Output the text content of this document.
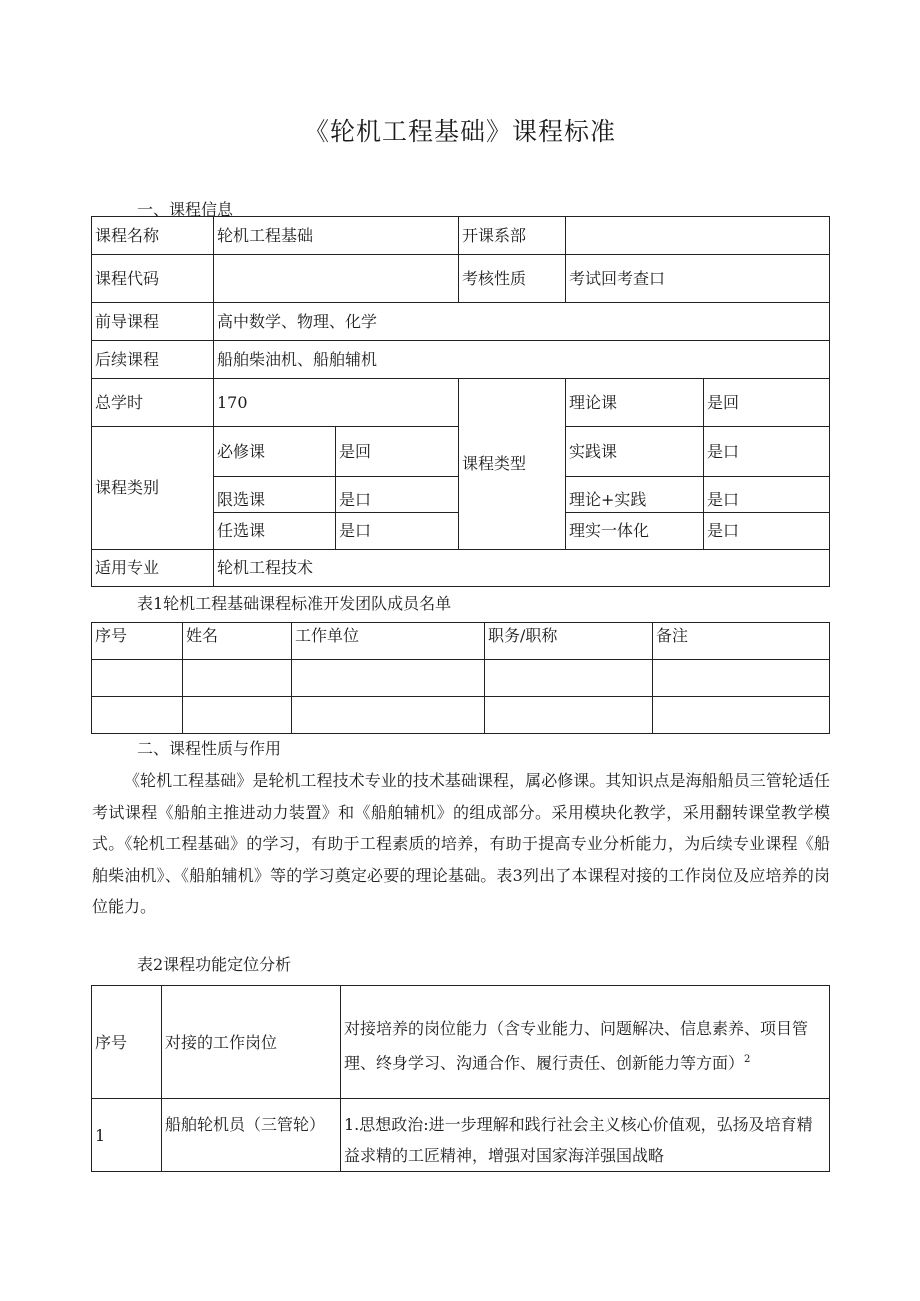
《轮机工程基础》课程标准
一、课程信息
课程名称	轮机工程基础		开课系部		
课程代码			考核性质	考试回考查口	
前导课程	高中数学、物理、化学				
后续课程	船舶柴油机、船舶辅机				
总学时	170		课程类型	理论课	是回
课程类别	必修课	是回		实践课	是口
	限选课	是口		理论+实践	是口
	任选课	是口		理实一体化	是口
适用专业	轮机工程技术				
表1轮机工程基础课程标准开发团队成员名单
序号	姓名	工作单位	职务/职称	备注

二、课程性质与作用
《轮机工程基础》是轮机工程技术专业的技术基础课程，属必修课。其知识点是海船船员三管轮适任考试课程《船舶主推进动力装置》和《船舶辅机》的组成部分。采用模块化教学，采用翻转课堂教学模式。《轮机工程基础》的学习，有助于工程素质的培养，有助于提高专业分析能力，为后续专业课程《船舶柴油机》、《船舶辅机》等的学习奠定必要的理论基础。表3列出了本课程对接的工作岗位及应培养的岗位能力。
表2课程功能定位分析
序号	对接的工作岗位	对接培养的岗位能力（含专业能力、问题解决、信息素养、项目管理、终身学习、沟通合作、履行责任、创新能力等方面）$^2$
1	船舶轮机员（三管轮）	1.思想政治:进一步理解和践行社会主义核心价值观，弘扬及培育精益求精的工匠精神，增强对国家海洋强国战略
